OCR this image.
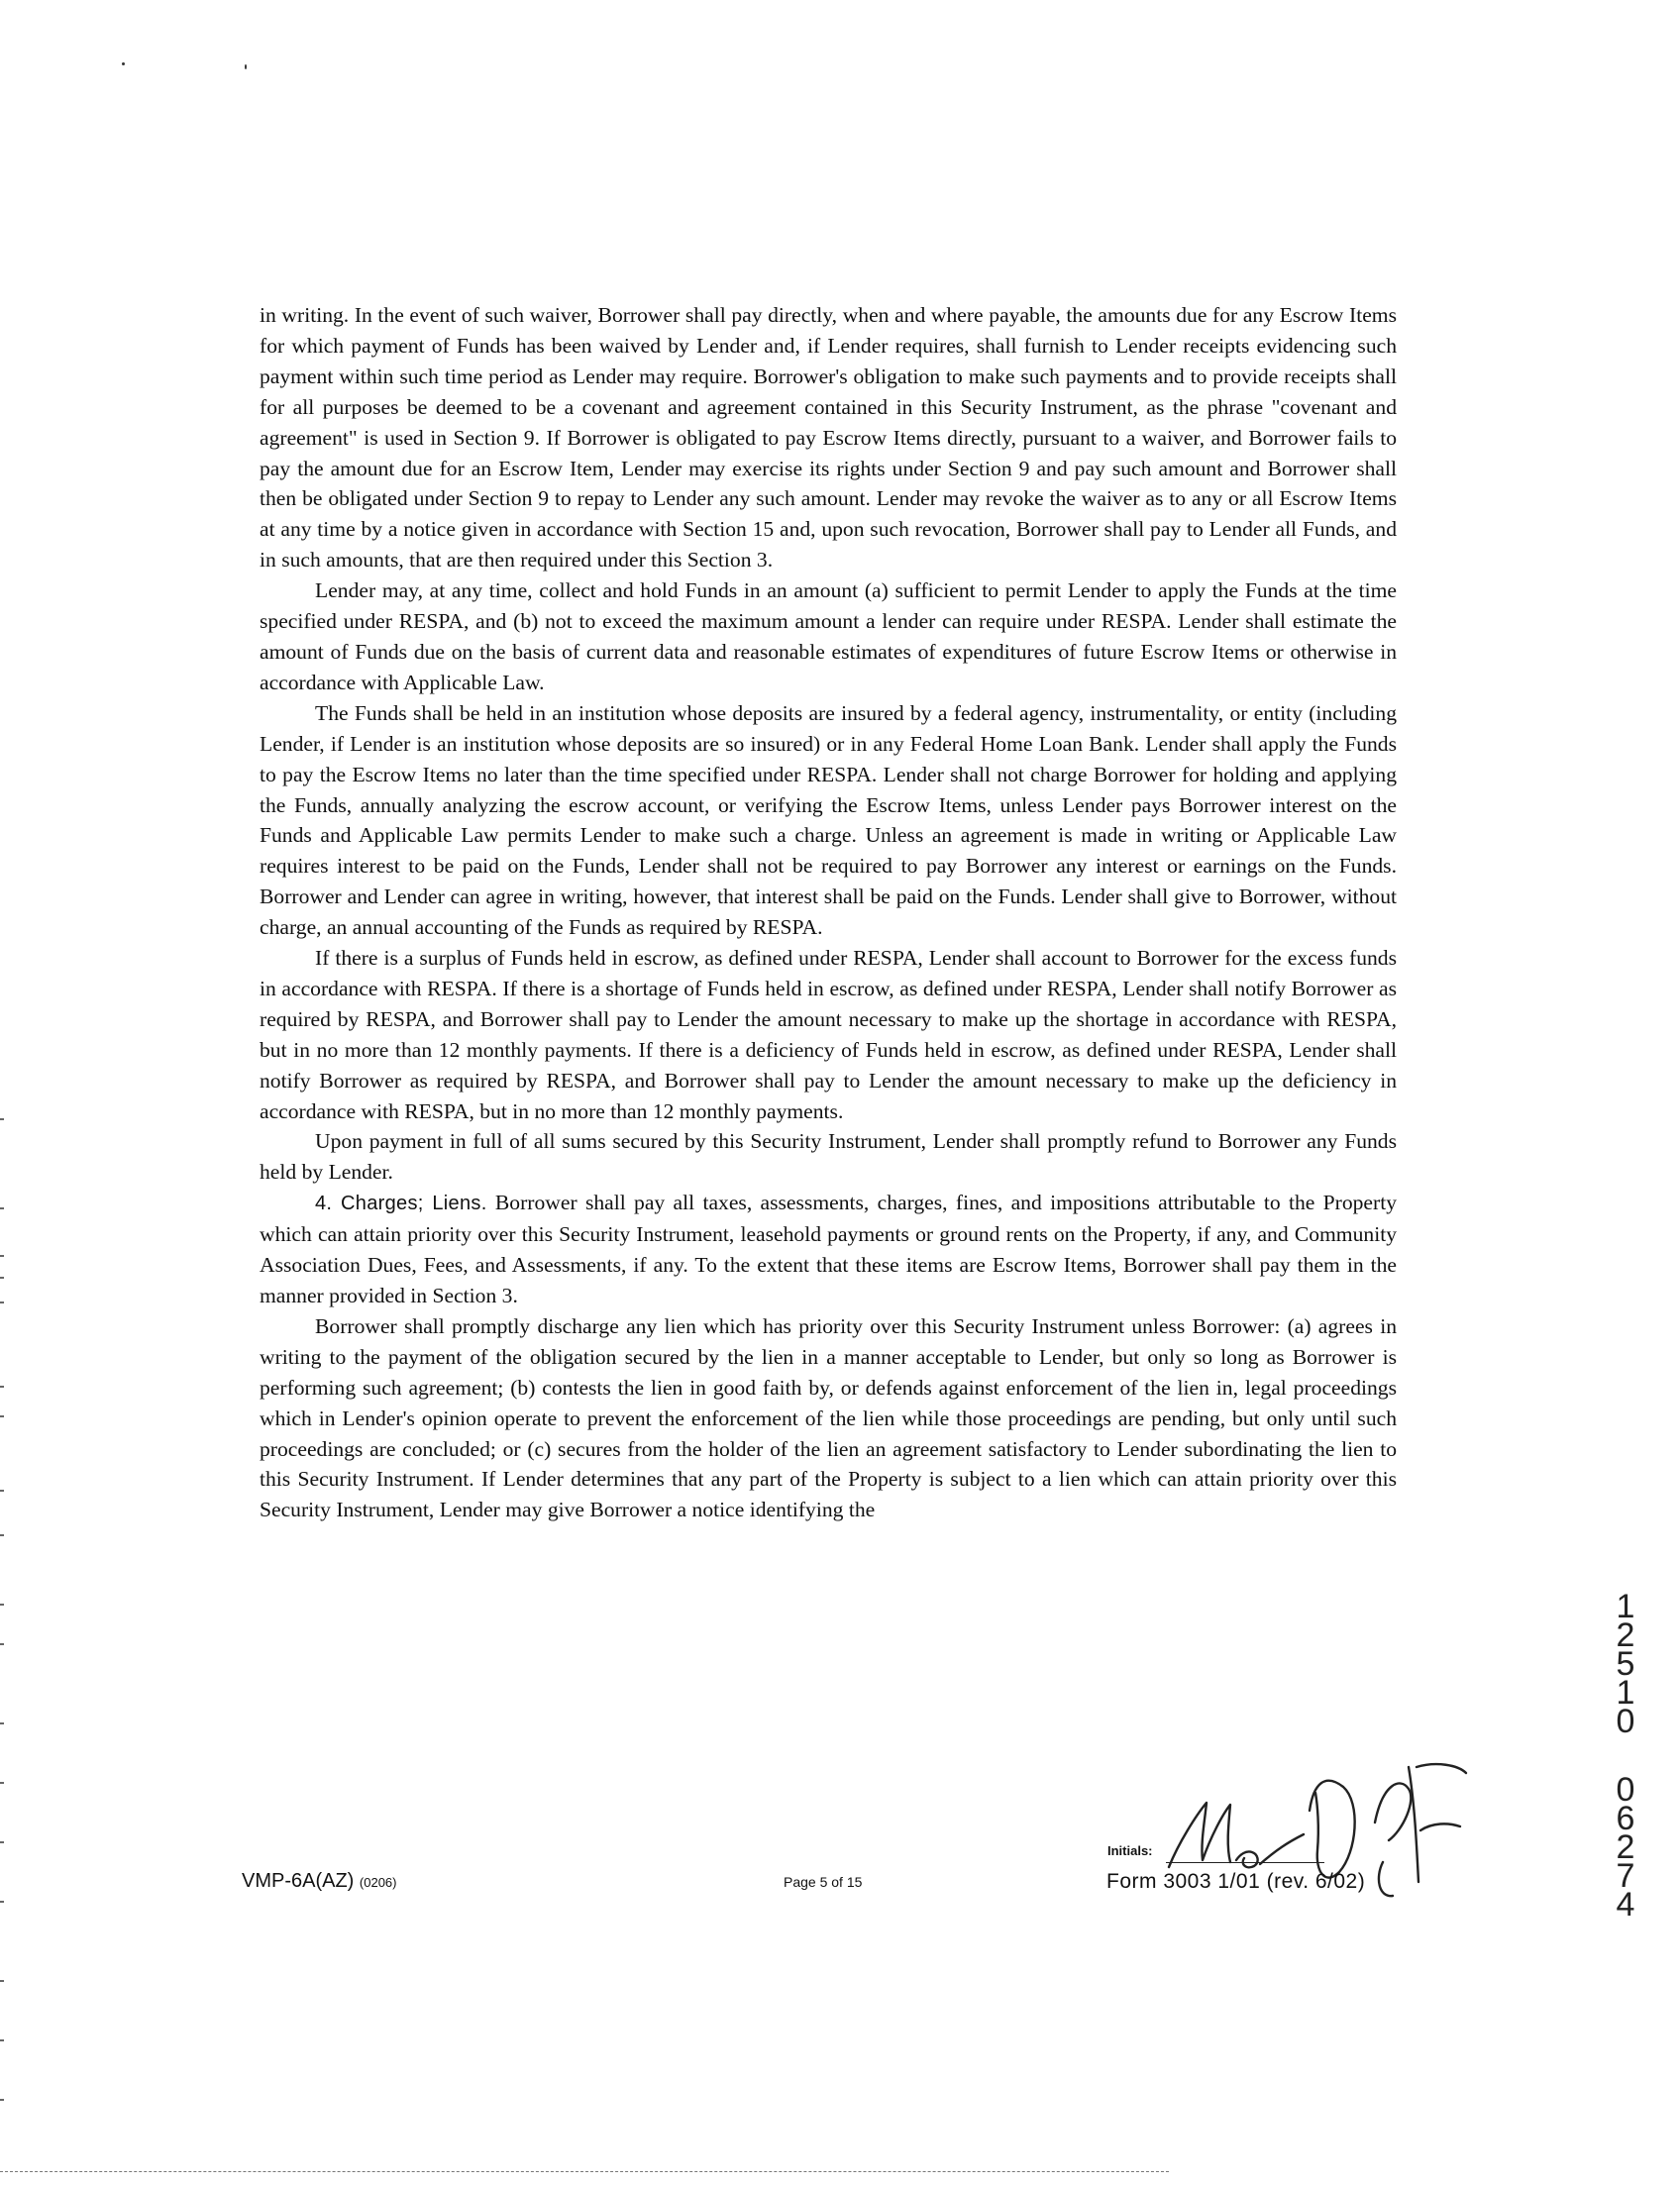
in writing. In the event of such waiver, Borrower shall pay directly, when and where payable, the amounts due for any Escrow Items for which payment of Funds has been waived by Lender and, if Lender requires, shall furnish to Lender receipts evidencing such payment within such time period as Lender may require. Borrower's obligation to make such payments and to provide receipts shall for all purposes be deemed to be a covenant and agreement contained in this Security Instrument, as the phrase "covenant and agreement" is used in Section 9. If Borrower is obligated to pay Escrow Items directly, pursuant to a waiver, and Borrower fails to pay the amount due for an Escrow Item, Lender may exercise its rights under Section 9 and pay such amount and Borrower shall then be obligated under Section 9 to repay to Lender any such amount. Lender may revoke the waiver as to any or all Escrow Items at any time by a notice given in accordance with Section 15 and, upon such revocation, Borrower shall pay to Lender all Funds, and in such amounts, that are then required under this Section 3.

Lender may, at any time, collect and hold Funds in an amount (a) sufficient to permit Lender to apply the Funds at the time specified under RESPA, and (b) not to exceed the maximum amount a lender can require under RESPA. Lender shall estimate the amount of Funds due on the basis of current data and reasonable estimates of expenditures of future Escrow Items or otherwise in accordance with Applicable Law.

The Funds shall be held in an institution whose deposits are insured by a federal agency, instrumentality, or entity (including Lender, if Lender is an institution whose deposits are so insured) or in any Federal Home Loan Bank. Lender shall apply the Funds to pay the Escrow Items no later than the time specified under RESPA. Lender shall not charge Borrower for holding and applying the Funds, annually analyzing the escrow account, or verifying the Escrow Items, unless Lender pays Borrower interest on the Funds and Applicable Law permits Lender to make such a charge. Unless an agreement is made in writing or Applicable Law requires interest to be paid on the Funds, Lender shall not be required to pay Borrower any interest or earnings on the Funds. Borrower and Lender can agree in writing, however, that interest shall be paid on the Funds. Lender shall give to Borrower, without charge, an annual accounting of the Funds as required by RESPA.

If there is a surplus of Funds held in escrow, as defined under RESPA, Lender shall account to Borrower for the excess funds in accordance with RESPA. If there is a shortage of Funds held in escrow, as defined under RESPA, Lender shall notify Borrower as required by RESPA, and Borrower shall pay to Lender the amount necessary to make up the shortage in accordance with RESPA, but in no more than 12 monthly payments. If there is a deficiency of Funds held in escrow, as defined under RESPA, Lender shall notify Borrower as required by RESPA, and Borrower shall pay to Lender the amount necessary to make up the deficiency in accordance with RESPA, but in no more than 12 monthly payments.

Upon payment in full of all sums secured by this Security Instrument, Lender shall promptly refund to Borrower any Funds held by Lender.

4. Charges; Liens. Borrower shall pay all taxes, assessments, charges, fines, and impositions attributable to the Property which can attain priority over this Security Instrument, leasehold payments or ground rents on the Property, if any, and Community Association Dues, Fees, and Assessments, if any. To the extent that these items are Escrow Items, Borrower shall pay them in the manner provided in Section 3.

Borrower shall promptly discharge any lien which has priority over this Security Instrument unless Borrower: (a) agrees in writing to the payment of the obligation secured by the lien in a manner acceptable to Lender, but only so long as Borrower is performing such agreement; (b) contests the lien in good faith by, or defends against enforcement of the lien in, legal proceedings which in Lender's opinion operate to prevent the enforcement of the lien while those proceedings are pending, but only until such proceedings are concluded; or (c) secures from the holder of the lien an agreement satisfactory to Lender subordinating the lien to this Security Instrument. If Lender determines that any part of the Property is subject to a lien which can attain priority over this Security Instrument, Lender may give Borrower a notice identifying the

1
2
5
1
0
0
6
2
7
4
Initials:
VMP-6A(AZ) (0206)	Page 5 of 15	Form 3003 1/01 (rev. 6/02)
